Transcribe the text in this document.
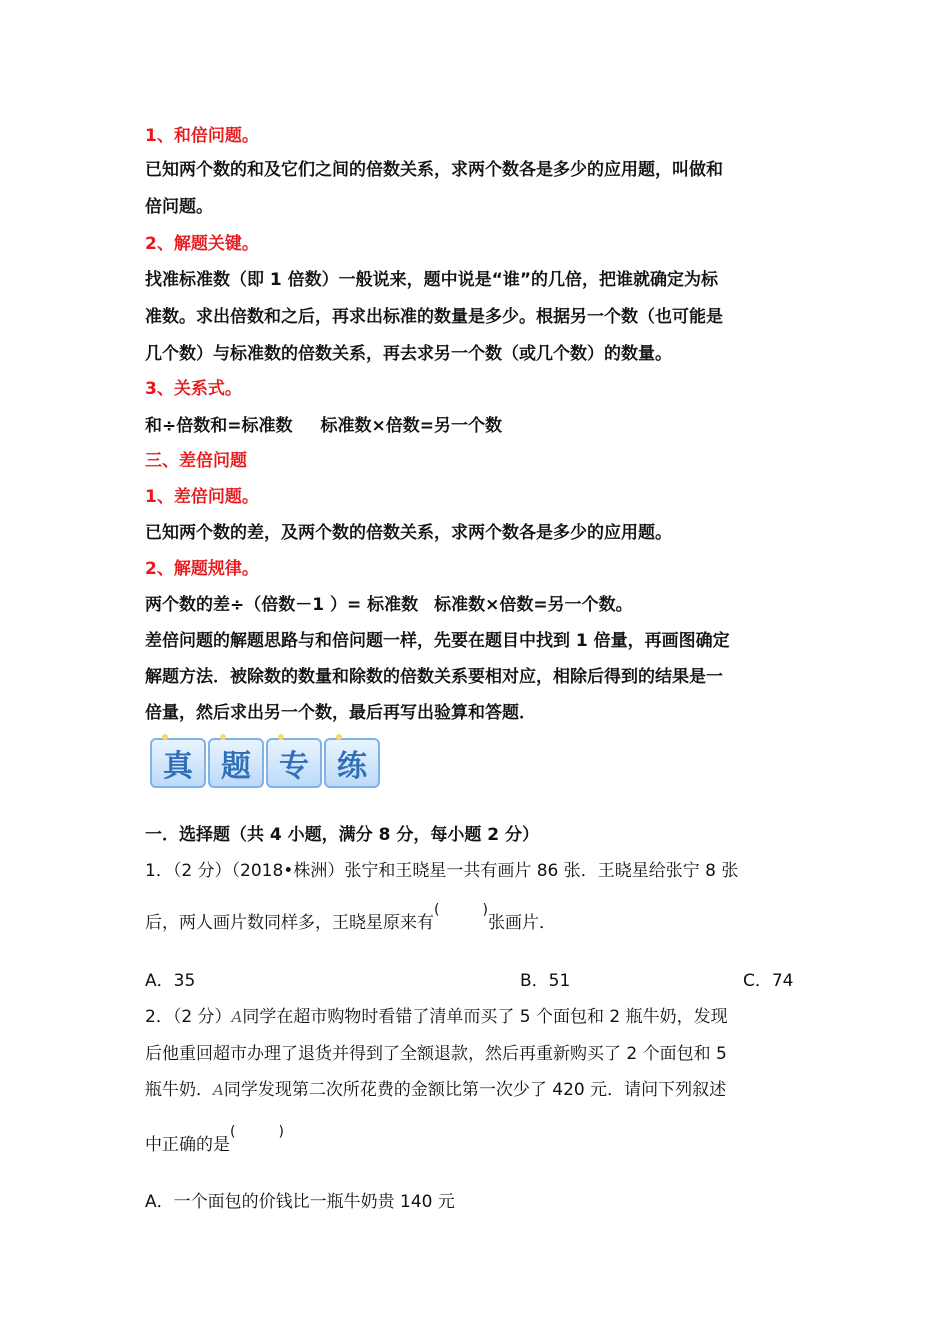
1、和倍问题。
已知两个数的和及它们之间的倍数关系，求两个数各是多少的应用题，叫做和
倍问题。
2、解题关键。
找准标准数（即 1 倍数）一般说来，题中说是“谁”的几倍，把谁就确定为标
准数。求出倍数和之后，再求出标准的数量是多少。根据另一个数（也可能是
几个数）与标准数的倍数关系，再去求另一个数（或几个数）的数量。
3、关系式。
和÷倍数和=标准数 标准数×倍数=另一个数
三、差倍问题
1、差倍问题。
已知两个数的差，及两个数的倍数关系，求两个数各是多少的应用题。
2、解题规律。
两个数的差÷（倍数－1 ）= 标准数 标准数×倍数=另一个数。
差倍问题的解题思路与和倍问题一样，先要在题目中找到 1 倍量，再画图确定
解题方法．被除数的数量和除数的倍数关系要相对应，相除后得到的结果是一
倍量，然后求出另一个数，最后再写出验算和答题．
真 题 专 练
一．选择题（共 4 小题，满分 8 分，每小题 2 分）
1．（2 分）（2018•株洲）张宁和王晓星一共有画片 86 张．王晓星给张宁 8 张
后，两人画片数同样多，王晓星原来有
(	)
张画片．
A．35	B．51	C．74
2．（2 分）A同学在超市购物时看错了清单而买了 5 个面包和 2 瓶牛奶，发现
后他重回超市办理了退货并得到了全额退款，然后再重新购买了 2 个面包和 5
瓶牛奶．A同学发现第二次所花费的金额比第一次少了 420 元．请问下列叙述
中正确的是
(	)
A．一个面包的价钱比一瓶牛奶贵 140 元
